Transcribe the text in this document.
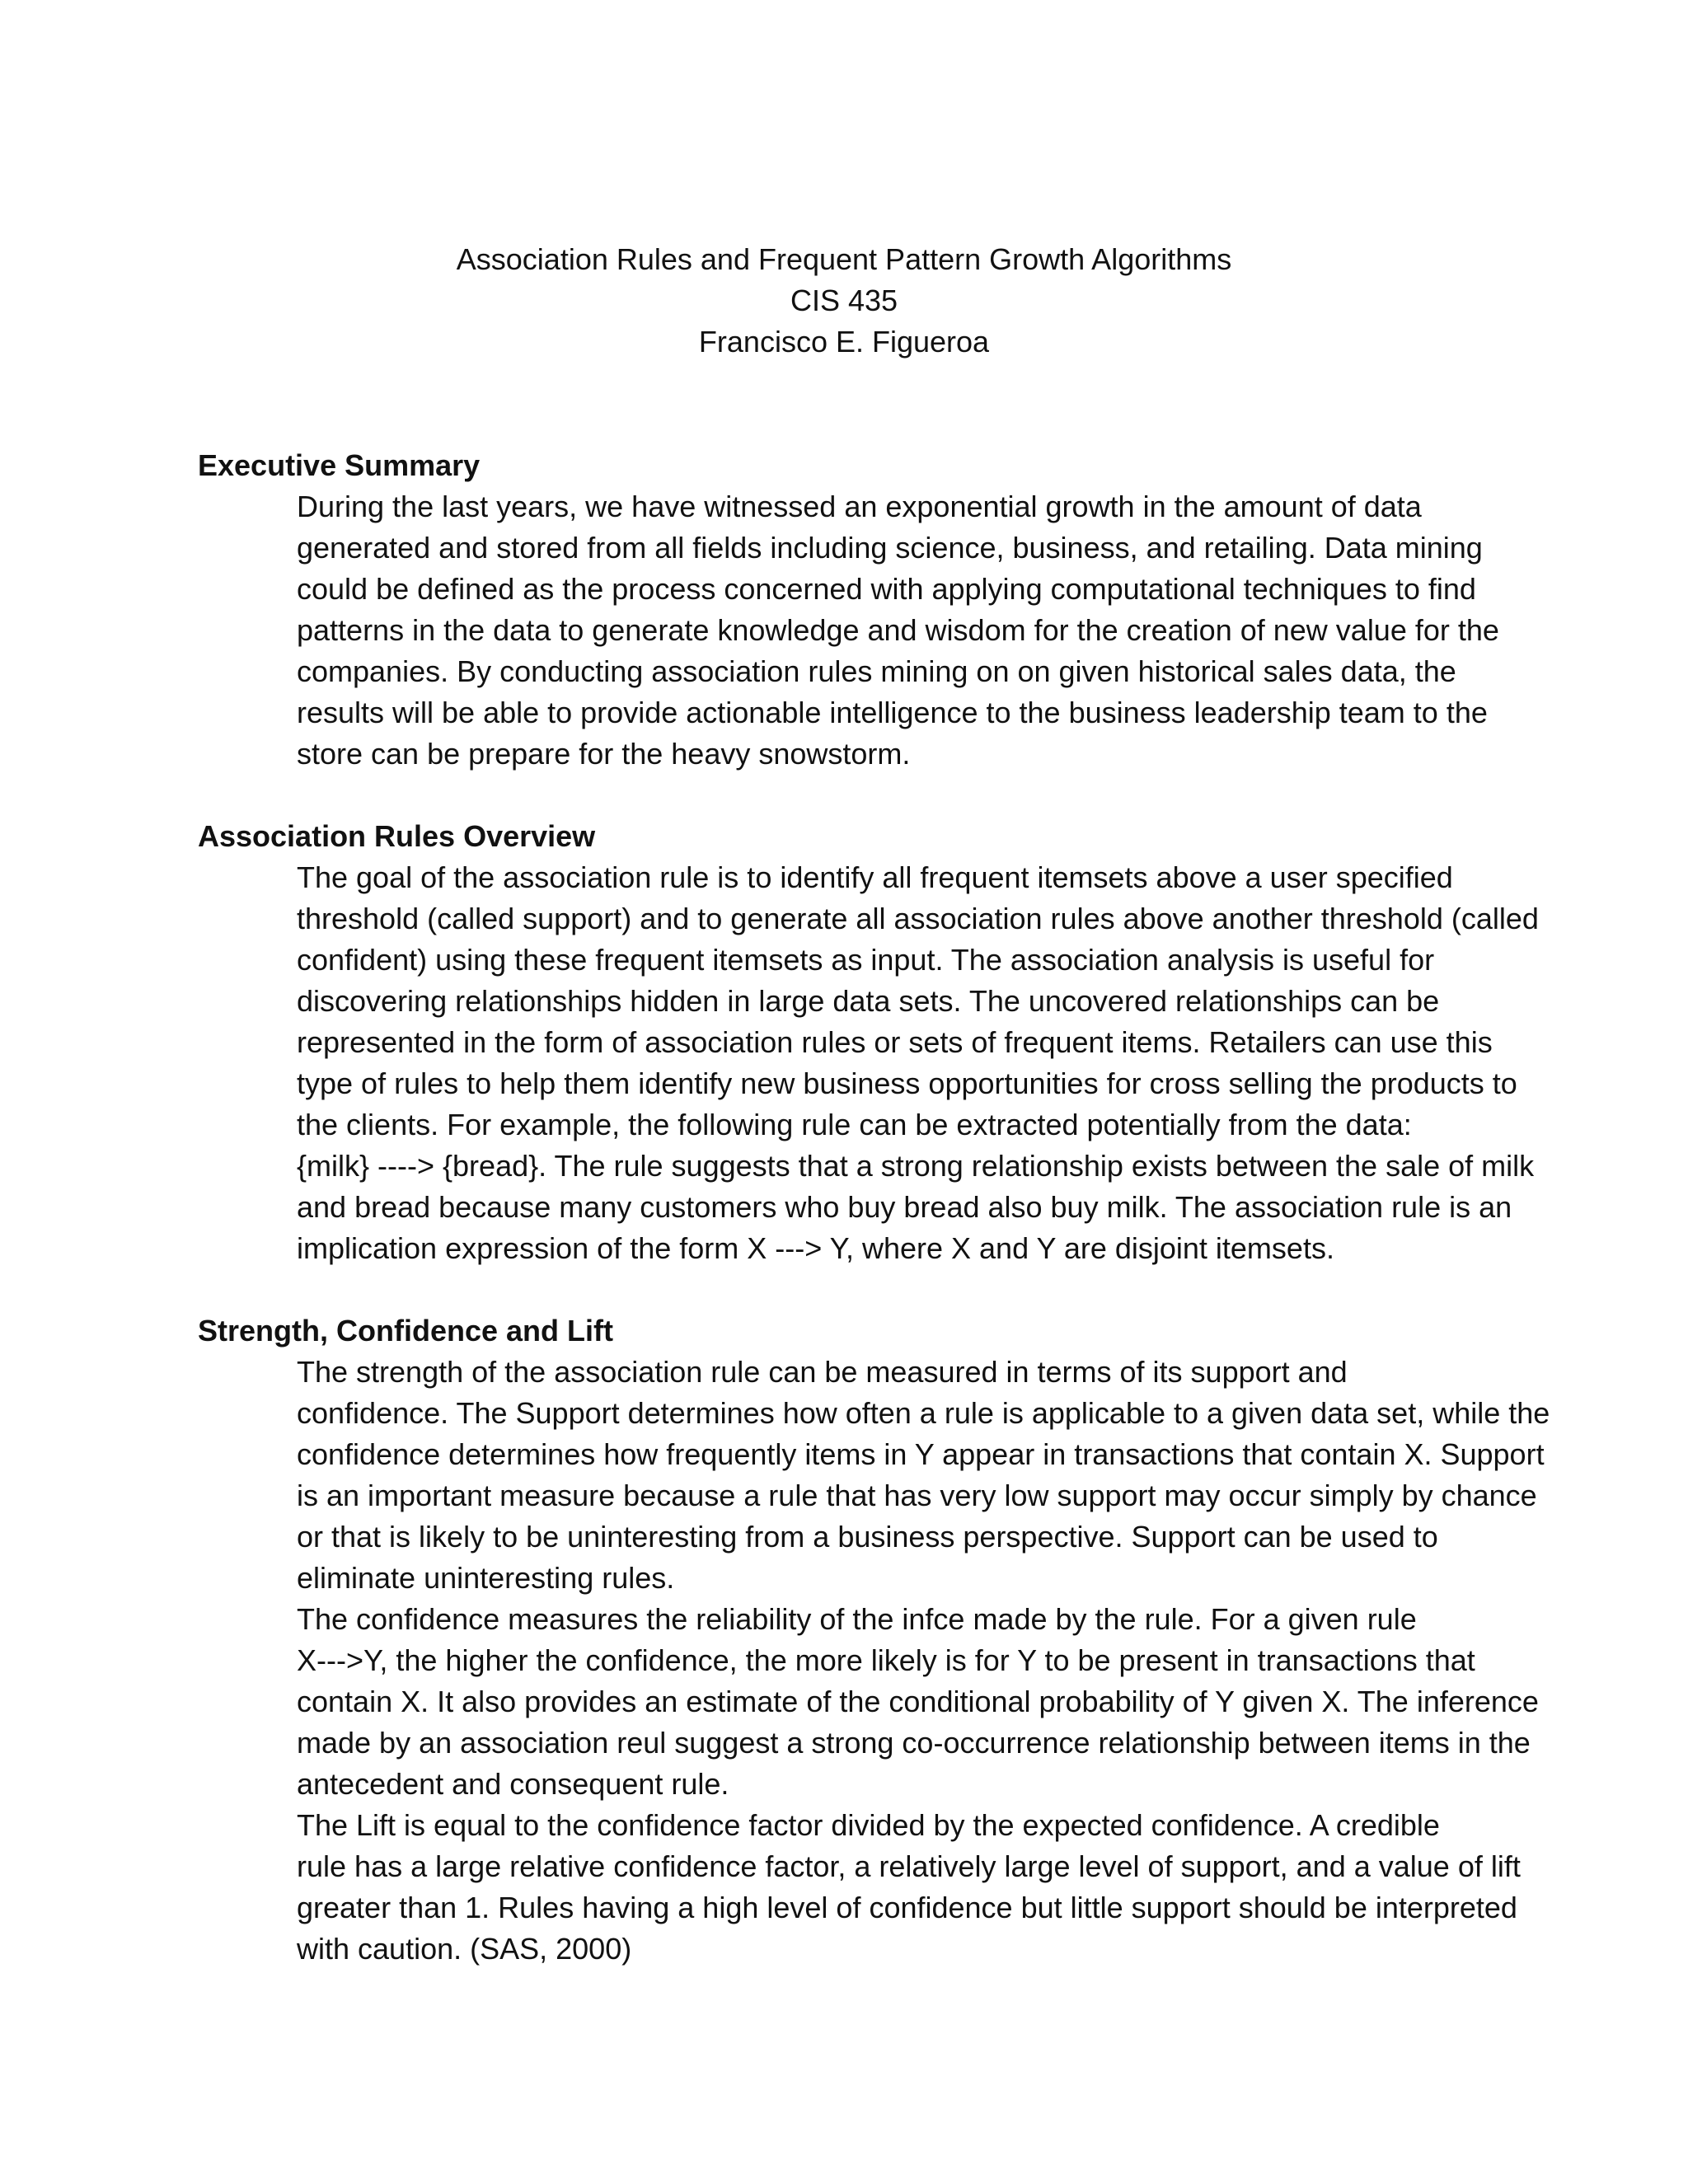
Association Rules and Frequent Pattern Growth Algorithms
CIS 435
Francisco E. Figueroa
Executive Summary

During the last years, we have witnessed an exponential growth in the amount of data
generated and stored from all fields including science, business, and retailing. Data mining
could be defined as the process concerned with applying computational techniques to find
patterns in the data to generate knowledge and wisdom for the creation of new value for the
companies. By conducting association rules mining on on given historical sales data, the
results will be able to provide actionable intelligence to the business leadership team to the
store can be prepare for the heavy snowstorm.

Association Rules Overview

The goal of the association rule is to identify all frequent itemsets above a user specified
threshold (called support) and to generate all association rules above another threshold (called
confident) using these frequent itemsets as input. The association analysis is useful for
discovering relationships hidden in large data sets. The uncovered relationships can be
represented in the form of association rules or sets of frequent items. Retailers can use this
type of rules to help them identify new business opportunities for cross selling the products to
the clients. For example, the following rule can be extracted potentially from the data:
{milk} ----> {bread}. The rule suggests that a strong relationship exists between the sale of milk
and bread because many customers who buy bread also buy milk. The association rule is an
implication expression of the form X ---> Y, where X and Y are disjoint itemsets.

Strength, Confidence and Lift

The strength of the association rule can be measured in terms of its support and
confidence. The Support determines how often a rule is applicable to a given data set, while the
confidence determines how frequently items in Y appear in transactions that contain X. Support
is an important measure because a rule that has very low support may occur simply by chance
or that is likely to be uninteresting from a business perspective. Support can be used to
eliminate uninteresting rules.

The confidence measures the reliability of the infce made by the rule. For a given rule
X--->Y, the higher the confidence, the more likely is for Y to be present in transactions that
contain X. It also provides an estimate of the conditional probability of Y given X. The inference
made by an association reul suggest a strong co-occurrence relationship between items in the
antecedent and consequent rule.

The Lift is equal to the confidence factor divided by the expected confidence. A credible
rule has a large relative confidence factor, a relatively large level of support, and a value of lift
greater than 1. Rules having a high level of confidence but little support should be interpreted
with caution. (SAS, 2000)
